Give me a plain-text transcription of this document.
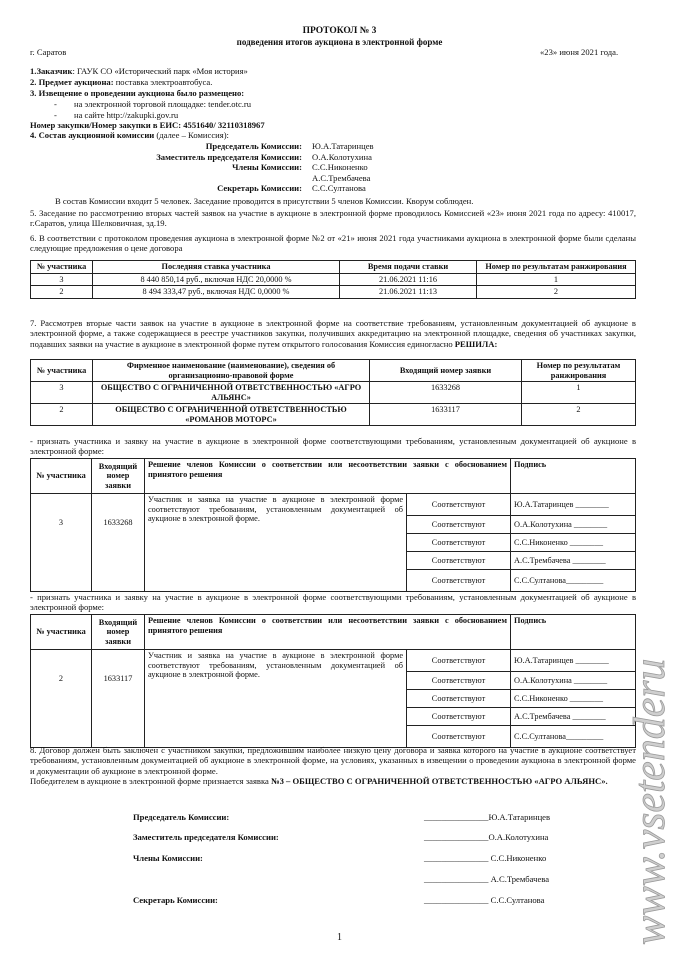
ПРОТОКОЛ № 3
подведения итогов аукциона в электронной форме
г. Саратов	«23» июня 2021 года.
1.Заказчик: ГАУК СО «Исторический парк «Моя история»
2. Предмет аукциона: поставка электроавтобуса.
3. Извещение о проведении аукциона было размещено:
- на электронной торговой площадке: tender.otc.ru
- на сайте http://zakupki.gov.ru
Номер закупки/Номер закупки в ЕИС: 4551640/ 32110318967
4. Состав аукционной комиссии (далее – Комиссия):
Председатель Комиссии:	Ю.А.Татаринцев
Заместитель председателя Комиссии:	О.А.Колотухина
Члены Комиссии:	С.С.Никоненко
А.С.Трембачева
Секретарь Комиссии:	С.С.Султанова
В состав Комиссии входит 5 человек. Заседание проводится в присутствии 5 членов Комиссии. Кворум соблюден.
5. Заседание по рассмотрению вторых частей заявок на участие в аукционе в электронной форме проводилось Комиссией «23» июня 2021 года по адресу: 410017, г.Саратов, улица Шелковичная, зд.19.
6. В соответствии с протоколом проведения аукциона в электронной форме №2 от «21» июня 2021 года участниками аукциона в электронной форме были сделаны следующие предложения о цене договора
№ участника	Последняя ставка участника	Время подачи ставки	Номер по результатам ранжирования
3	8 440 850,14 руб., включая НДС 20,0000 %	21.06.2021 11:16	1
2	8 494 333,47 руб., включая НДС 0,0000 %	21.06.2021 11:13	2
7. Рассмотрев вторые части заявок на участие в аукционе в электронной форме на соответствие требованиям, установленным документацией об аукционе в электронной форме, а также содержащиеся в реестре участников закупки, получивших аккредитацию на электронной площадке, сведения об участниках закупки, подавших заявки на участие в аукционе в электронной форме путем открытого голосования Комиссия единогласно РЕШИЛА:
№ участника	Фирменное наименование (наименование), сведения об организационно-правовой форме	Входящий номер заявки	Номер по результатам ранжирования
3	ОБЩЕСТВО С ОГРАНИЧЕННОЙ ОТВЕТСТВЕННОСТЬЮ «АГРО АЛЬЯНС»	1633268	1
2	ОБЩЕСТВО С ОГРАНИЧЕННОЙ ОТВЕТСТВЕННОСТЬЮ «РОМАНОВ МОТОРС»	1633117	2
- признать участника и заявку на участие в аукционе в электронной форме соответствующими требованиям, установленным документацией об аукционе в электронной форме:
№ участника	Входящий номер заявки	Решение членов Комиссии о соответствии или несоответствии заявки с обоснованием принятого решения		Подпись
3	1633268	Участник и заявка на участие в аукционе в электронной форме соответствуют требованиям, установленным документацией об аукционе в электронной форме.	Соответствуют	Ю.А.Татаринцев ________
			Соответствуют	О.А.Колотухина ________
			Соответствуют	С.С.Никоненко ________
			Соответствуют	А.С.Трембачева ________
			Соответствуют	С.С.Султанова_________
- признать участника и заявку на участие в аукционе в электронной форме соответствующими требованиям, установленным документацией об аукционе в электронной форме:
№ участника	Входящий номер заявки	Решение членов Комиссии о соответствии или несоответствии заявки с обоснованием принятого решения		Подпись
2	1633117	Участник и заявка на участие в аукционе в электронной форме соответствуют требованиям, установленным документацией об аукционе в электронной форме.	Соответствуют	Ю.А.Татаринцев ________
			Соответствуют	О.А.Колотухина ________
			Соответствуют	С.С.Никоненко ________
			Соответствуют	А.С.Трембачева ________
			Соответствуют	С.С.Султанова_________
8. Договор должен быть заключен с участником закупки, предложившим наиболее низкую цену договора и заявка которого на участие в аукционе соответствует требованиям, установленным документацией об аукционе в электронной форме, на условиях, указанных в извещении о проведении аукциона в электронной форме и документации об аукционе в электронной форме.
Победителем в аукционе в электронной форме признается заявка №3 – ОБЩЕСТВО С ОГРАНИЧЕННОЙ ОТВЕТСТВЕННОСТЬЮ «АГРО АЛЬЯНС».
Председатель Комиссии:	_______________Ю.А.Татаринцев
Заместитель председателя Комиссии:	_______________О.А.Колотухина
Члены Комиссии:	_______________ С.С.Никоненко
_______________ А.С.Трембачева
Секретарь Комиссии:	_______________ С.С.Султанова
1	www.vsetenderu
